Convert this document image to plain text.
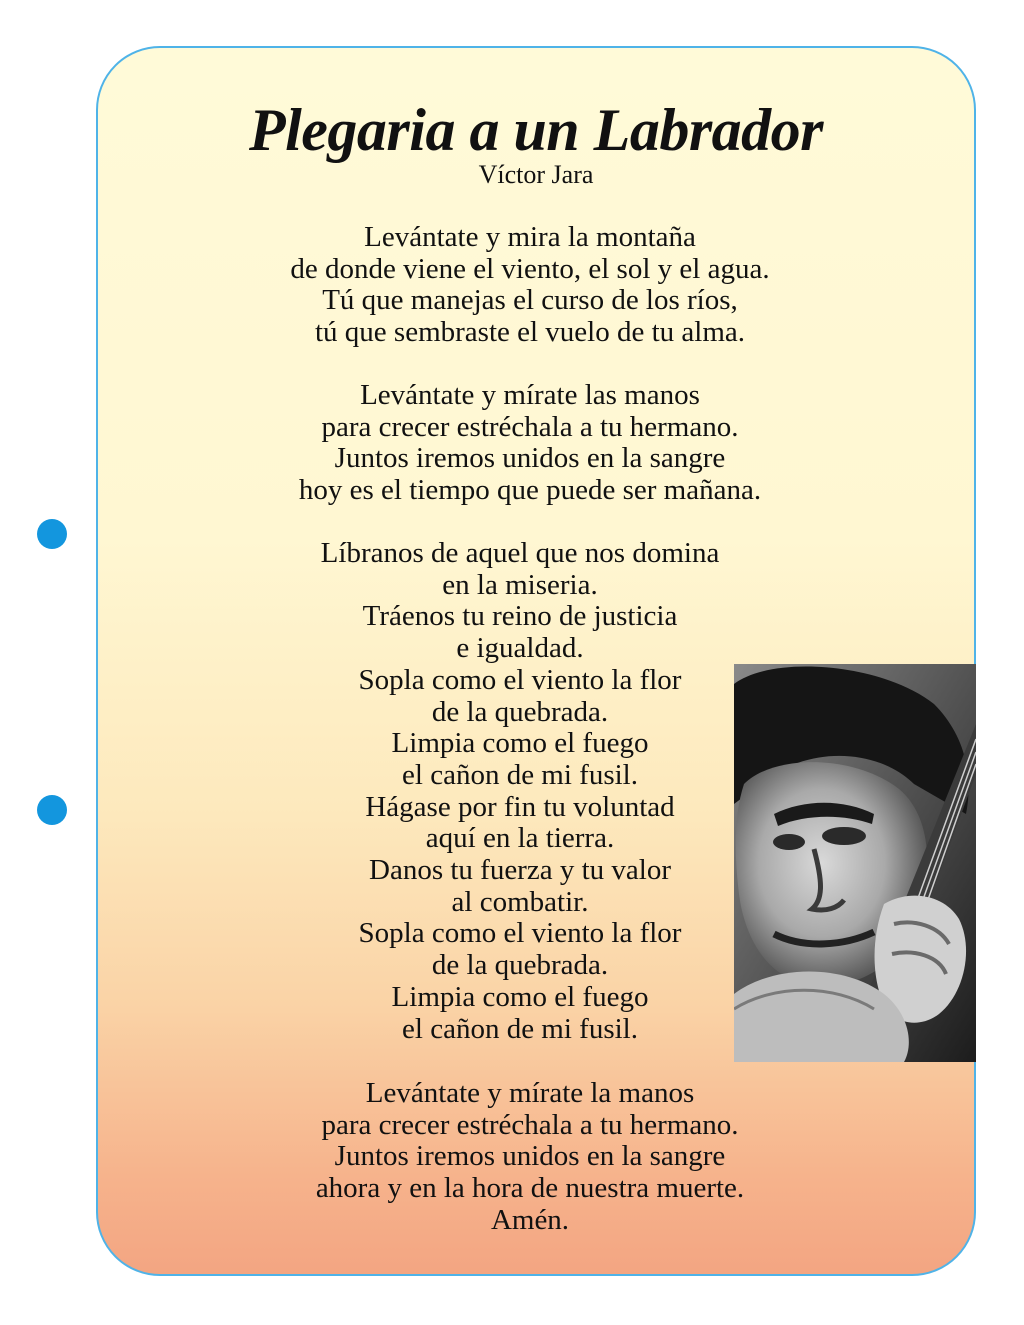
Plegaria a un Labrador
Víctor Jara
Levántate y mira la montaña
de donde viene el viento, el sol y el agua.
Tú que manejas el curso de los ríos,
tú que sembraste el vuelo de tu alma.
Levántate y mírate las manos
para crecer estréchala a tu hermano.
Juntos iremos unidos en la sangre
hoy es el tiempo que puede ser mañana.
Líbranos de aquel que nos domina
en la miseria.
Tráenos tu reino de justicia
e igualdad.
Sopla como el viento la flor
de la quebrada.
Limpia como el fuego
el cañon de mi fusil.
Hágase por fin tu voluntad
aquí en la tierra.
Danos tu fuerza y tu valor
al combatir.
Sopla como el viento la flor
de la quebrada.
Limpia como el fuego
el cañon de mi fusil.
Levántate y mírate la manos
para crecer estréchala a tu hermano.
Juntos iremos unidos en la sangre
ahora y en la hora de nuestra muerte.
Amén.
